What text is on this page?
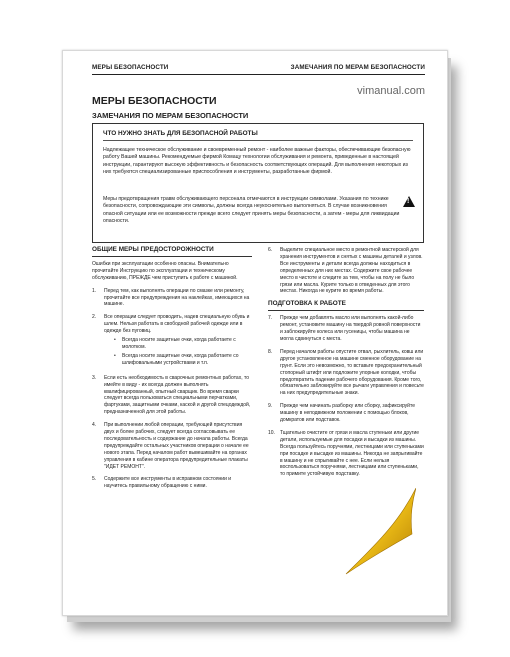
vimanual.com
МЕРЫ БЕЗОПАСНОСТИ	ЗАМЕЧАНИЯ ПО МЕРАМ БЕЗОПАСНОСТИ
МЕРЫ БЕЗОПАСНОСТИ
ЗАМЕЧАНИЯ ПО МЕРАМ БЕЗОПАСНОСТИ
ЧТО НУЖНО ЗНАТЬ ДЛЯ БЕЗОПАСНОЙ РАБОТЫ
Надлежащее техническое обслуживание и своевременный ремонт - наиболее важные факторы, обеспечивающие безопасную работу Вашей машины. Рекомендуемые фирмой Комацу технологии обслуживания и ремонта, приведенные в настоящей инструкции, гарантируют высокую эффективность и безопасность соответствующих операций. Для выполнения некоторых из них требуются специализированные приспособления и инструменты, разработанные фирмой.
!
Меры предотвращения травм обслуживающего персонала отмечаются в инструкции символами. Указания по технике безопасности, сопровождающие эти символы, должны всегда неукоснительно выполняться. В случае возникновения опасной ситуации или ее возможности прежде всего следует принять меры безопасности, а затем - меры для ликвидации опасности.
ОБЩИЕ МЕРЫ ПРЕДОСТОРОЖНОСТИ
Ошибки при эксплуатации особенно опасны. Внимательно прочитайте Инструкцию по эксплуатации и техническому обслуживанию, ПРЕЖДЕ чем приступить к работе с машиной.
1.	Перед тем, как выполнять операции по смазке или ремонту, прочитайте все предупреждения на наклейках, имеющихся на машине.
2.	Все операции следует проводить, надев специальную обувь и шлем. Нельзя работать в свободной рабочей одежде или в одежде без пуговиц.
•	Всегда носите защитные очки, когда работаете с молотком.
•	Всегда носите защитные очки, когда работаете со шлифовальными устройствами и т.п.
3.	Если есть необходимость в сварочных ремонтных работах, то имейте в виду - их всегда должен выполнять квалифицированный, опытный сварщик. Во время сварки следует всегда пользоваться специальными перчатками, фартуками, защитными очками, каской и другой спецодеждой, предназначенной для этой работы.
4.	При выполнении любой операции, требующей присутствия двух и более рабочих, следует всегда согласовывать ее последовательность и содержание до начала работы. Всегда предупреждайте остальных участников операции о начале ее нового этапа. Перед началом работ вывешивайте на органах управления в кабине оператора предупредительные плакаты "ИДЕТ РЕМОНТ".
5.	Содержите все инструменты в исправном состоянии и научитесь правильному обращению с ними.
6.	Выделите специальное место в ремонтной мастерской для хранения инструментов и снятых с машины деталей и узлов. Все инструменты и детали всегда должны находиться в определенных для них местах. Содержите свое рабочее место в чистоте и следите за тем, чтобы на полу не было грязи или масла. Курите только в отведенных для этого местах. Никогда не курите во время работы.
ПОДГОТОВКА К РАБОТЕ
7.	Прежде чем добавлять масло или выполнять какой-либо ремонт, установите машину на твердой ровной поверхности и заблокируйте колеса или гусеницы, чтобы машина не могла сдвинуться с места.
8.	Перед началом работы опустите отвал, рыхлитель, ковш или другое установленное на машине сменное оборудование на грунт. Если это невозможно, то вставьте предохранительный стопорный штифт или подложите упорные колодки, чтобы предотвратить падение рабочего оборудования. Кроме того, обязательно заблокируйте все рычаги управления и повесьте на них предупредительные знаки.
9.	Прежде чем начинать разборку или сборку, зафиксируйте машину в неподвижном положении с помощью блоков, домкратов или подставок.
10.	Тщательно очистите от грязи и масла ступеньки или другие детали, используемые для посадки и высадки из машины. Всегда пользуйтесь поручнями, лестницами или ступеньками при посадке и высадке из машины. Никогда не запрыгивайте в машину и не спрыгивайте с нее. Если нельзя воспользоваться поручнями, лестницами или ступеньками, то примите устойчивую подставку.
